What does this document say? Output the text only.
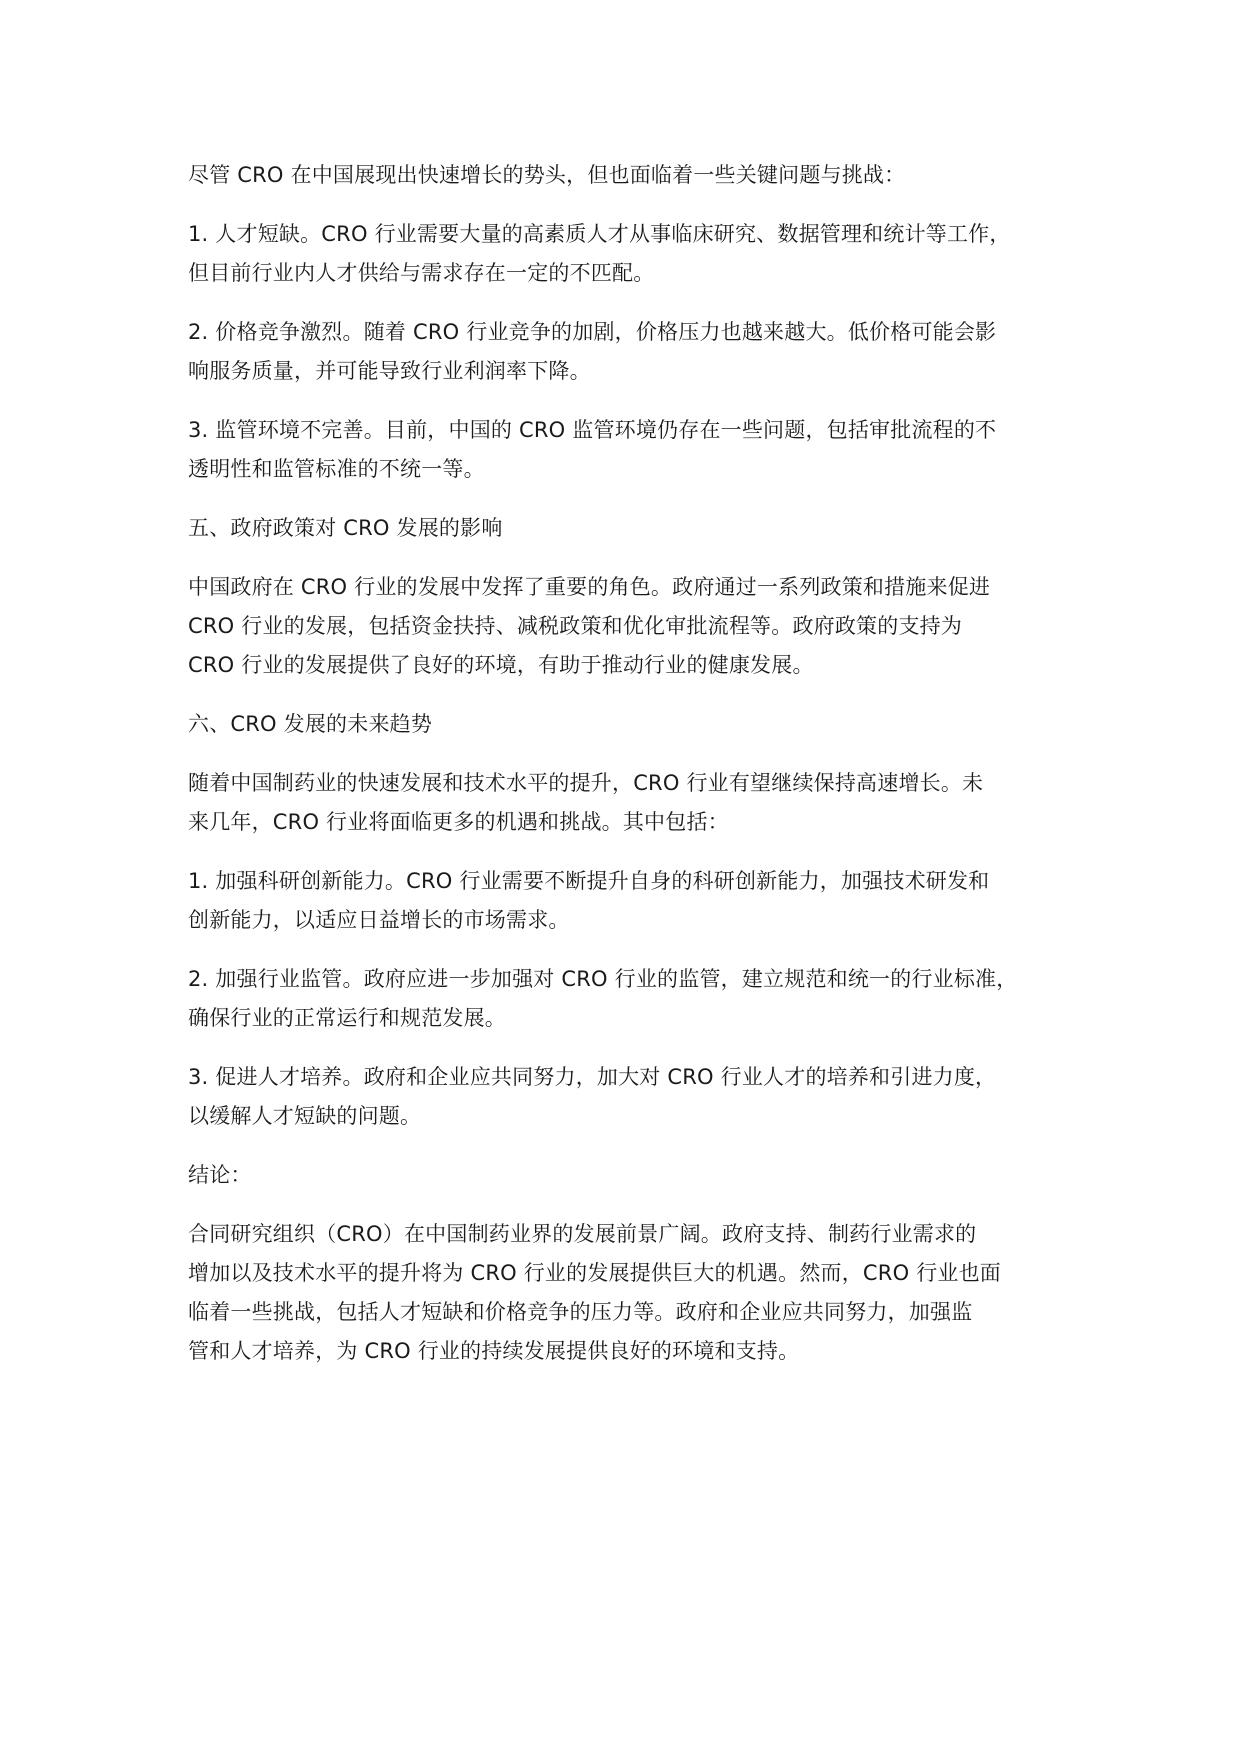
尽管 CRO 在中国展现出快速增长的势头，但也面临着一些关键问题与挑战：

1. 人才短缺。CRO 行业需要大量的高素质人才从事临床研究、数据管理和统计等工作，
但目前行业内人才供给与需求存在一定的不匹配。

2. 价格竞争激烈。随着 CRO 行业竞争的加剧，价格压力也越来越大。低价格可能会影
响服务质量，并可能导致行业利润率下降。

3. 监管环境不完善。目前，中国的 CRO 监管环境仍存在一些问题，包括审批流程的不
透明性和监管标准的不统一等。

五、政府政策对 CRO 发展的影响

中国政府在 CRO 行业的发展中发挥了重要的角色。政府通过一系列政策和措施来促进
CRO 行业的发展，包括资金扶持、减税政策和优化审批流程等。政府政策的支持为
CRO 行业的发展提供了良好的环境，有助于推动行业的健康发展。

六、CRO 发展的未来趋势

随着中国制药业的快速发展和技术水平的提升，CRO 行业有望继续保持高速增长。未
来几年，CRO 行业将面临更多的机遇和挑战。其中包括：

1. 加强科研创新能力。CRO 行业需要不断提升自身的科研创新能力，加强技术研发和
创新能力，以适应日益增长的市场需求。

2. 加强行业监管。政府应进一步加强对 CRO 行业的监管，建立规范和统一的行业标准，
确保行业的正常运行和规范发展。

3. 促进人才培养。政府和企业应共同努力，加大对 CRO 行业人才的培养和引进力度，
以缓解人才短缺的问题。

结论：

合同研究组织（CRO）在中国制药业界的发展前景广阔。政府支持、制药行业需求的
增加以及技术水平的提升将为 CRO 行业的发展提供巨大的机遇。然而，CRO 行业也面
临着一些挑战，包括人才短缺和价格竞争的压力等。政府和企业应共同努力，加强监
管和人才培养，为 CRO 行业的持续发展提供良好的环境和支持。
